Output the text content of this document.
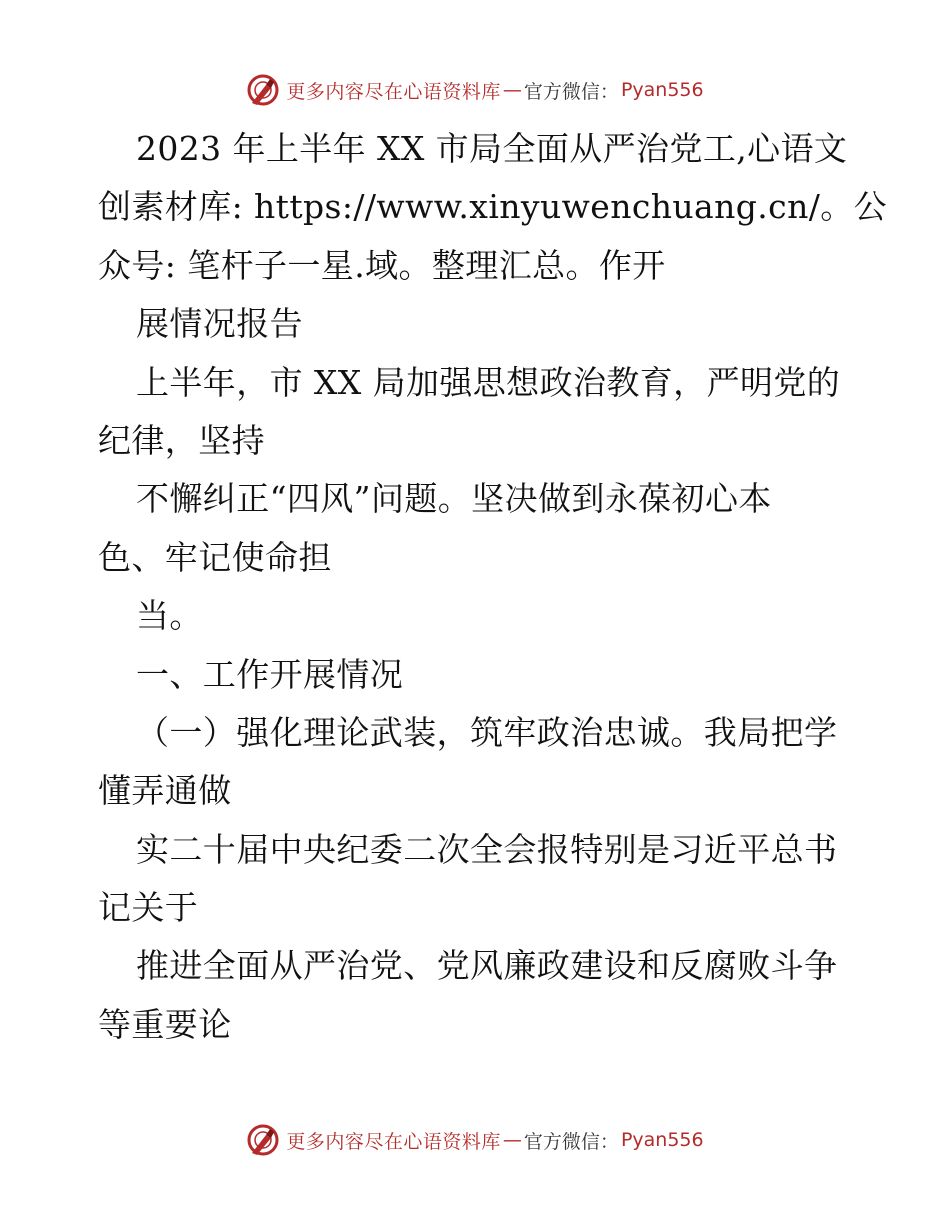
更多内容尽在心语资料库 — 官方微信： Pyan556
2023 年上半年 XX 市局全面从严治党工,心语文
创素材库: https://www.xinyuwenchuang.cn/。公
众号: 笔杆子一星.域。整理汇总。作开
展情况报告
上半年，市 XX 局加强思想政治教育，严明党的
纪律，坚持
不懈纠正“四风”问题。坚决做到永葆初心本
色、牢记使命担
当。
一、工作开展情况
（一）强化理论武装，筑牢政治忠诚。我局把学
懂弄通做
实二十届中央纪委二次全会报特别是习近平总书
记关于
推进全面从严治党、党风廉政建设和反腐败斗争
等重要论
更多内容尽在心语资料库 — 官方微信： Pyan556
